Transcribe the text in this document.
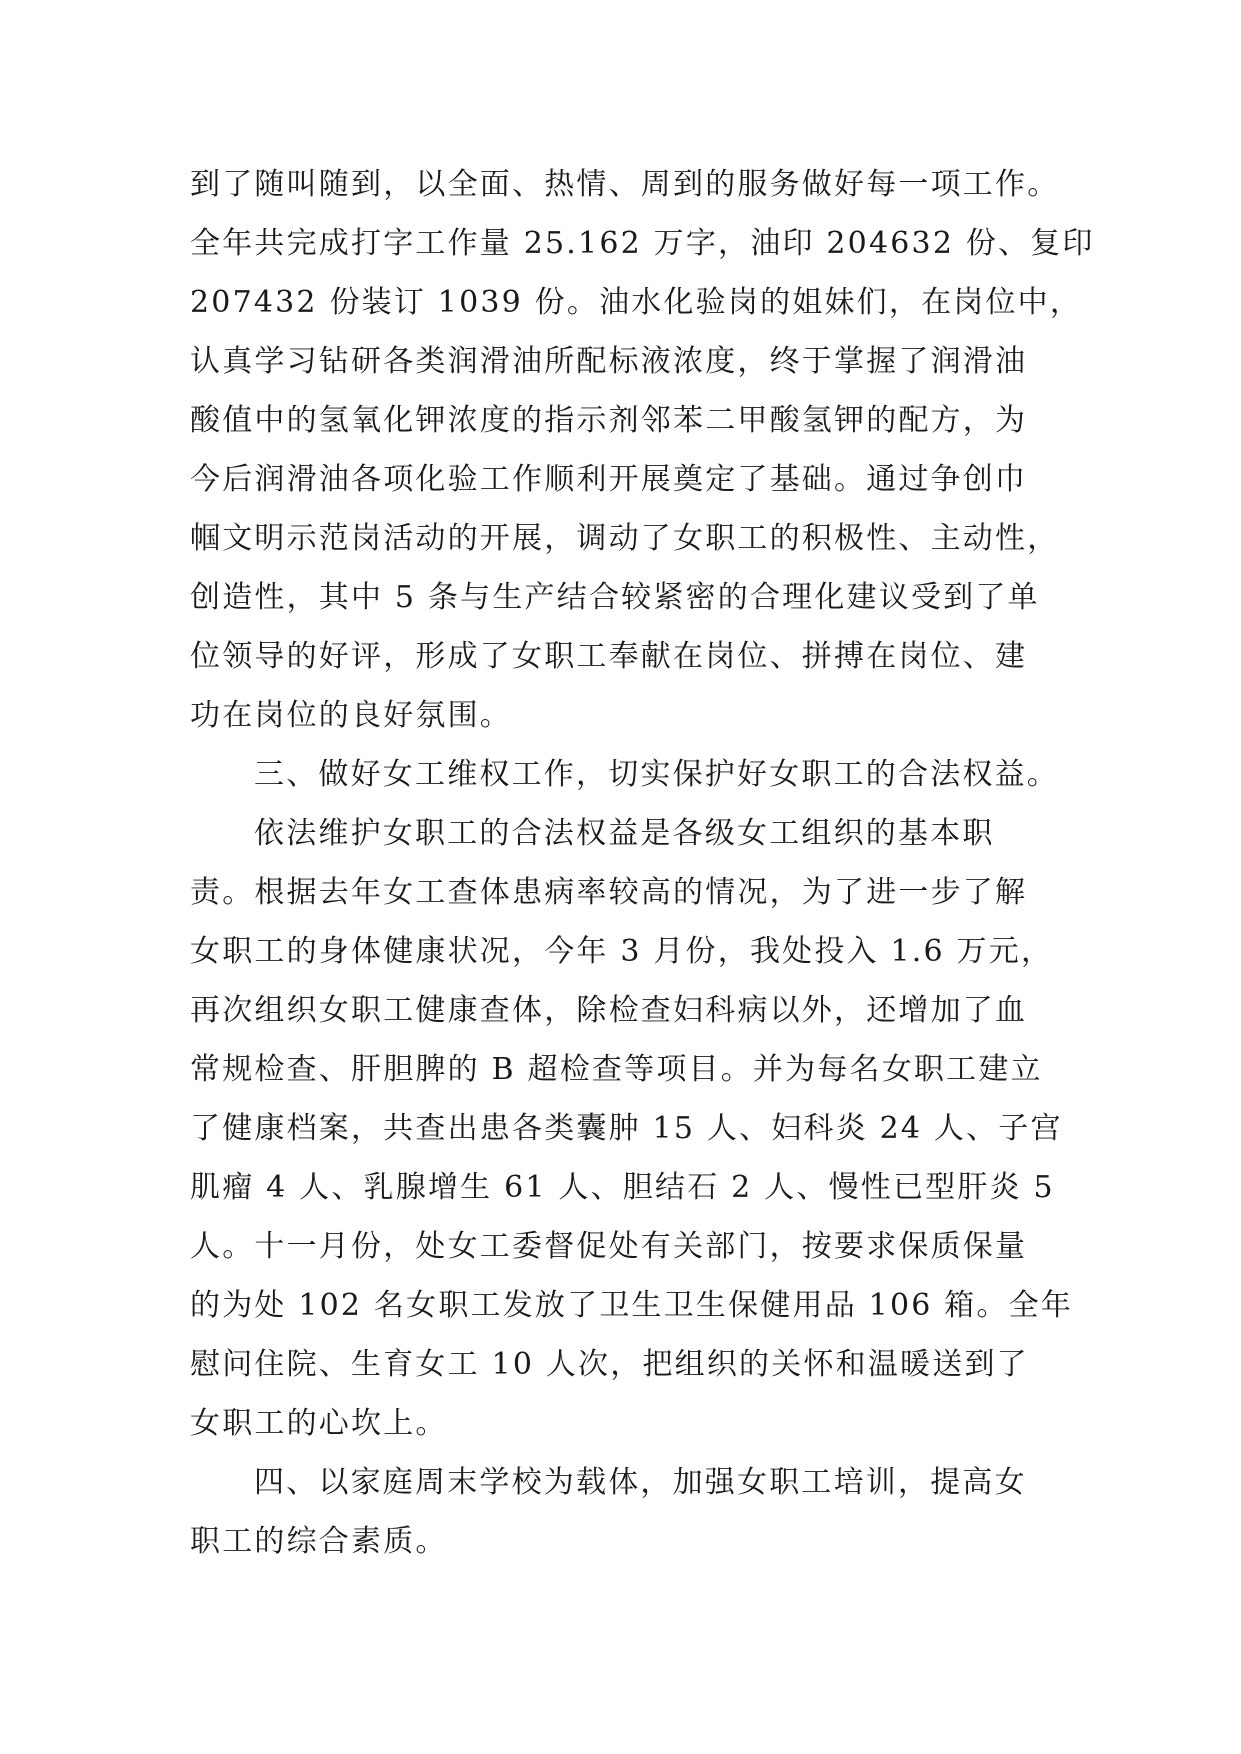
到了随叫随到，以全面、热情、周到的服务做好每一项工作。
全年共完成打字工作量 25.162 万字，油印 204632 份、复印
207432 份装订 1039 份。油水化验岗的姐妹们，在岗位中，
认真学习钻研各类润滑油所配标液浓度，终于掌握了润滑油
酸值中的氢氧化钾浓度的指示剂邻苯二甲酸氢钾的配方，为
今后润滑油各项化验工作顺利开展奠定了基础。通过争创巾
帼文明示范岗活动的开展，调动了女职工的积极性、主动性，
创造性，其中 5 条与生产结合较紧密的合理化建议受到了单
位领导的好评，形成了女职工奉献在岗位、拼搏在岗位、建
功在岗位的良好氛围。
三、做好女工维权工作，切实保护好女职工的合法权益。
依法维护女职工的合法权益是各级女工组织的基本职
责。根据去年女工查体患病率较高的情况，为了进一步了解
女职工的身体健康状况，今年 3 月份，我处投入 1.6 万元，
再次组织女职工健康查体，除检查妇科病以外，还增加了血
常规检查、肝胆脾的 B 超检查等项目。并为每名女职工建立
了健康档案，共查出患各类囊肿 15 人、妇科炎 24 人、子宫
肌瘤 4 人、乳腺增生 61 人、胆结石 2 人、慢性已型肝炎 5
人。十一月份，处女工委督促处有关部门，按要求保质保量
的为处 102 名女职工发放了卫生卫生保健用品 106 箱。全年
慰问住院、生育女工 10 人次，把组织的关怀和温暖送到了
女职工的心坎上。
四、以家庭周末学校为载体，加强女职工培训，提高女
职工的综合素质。
